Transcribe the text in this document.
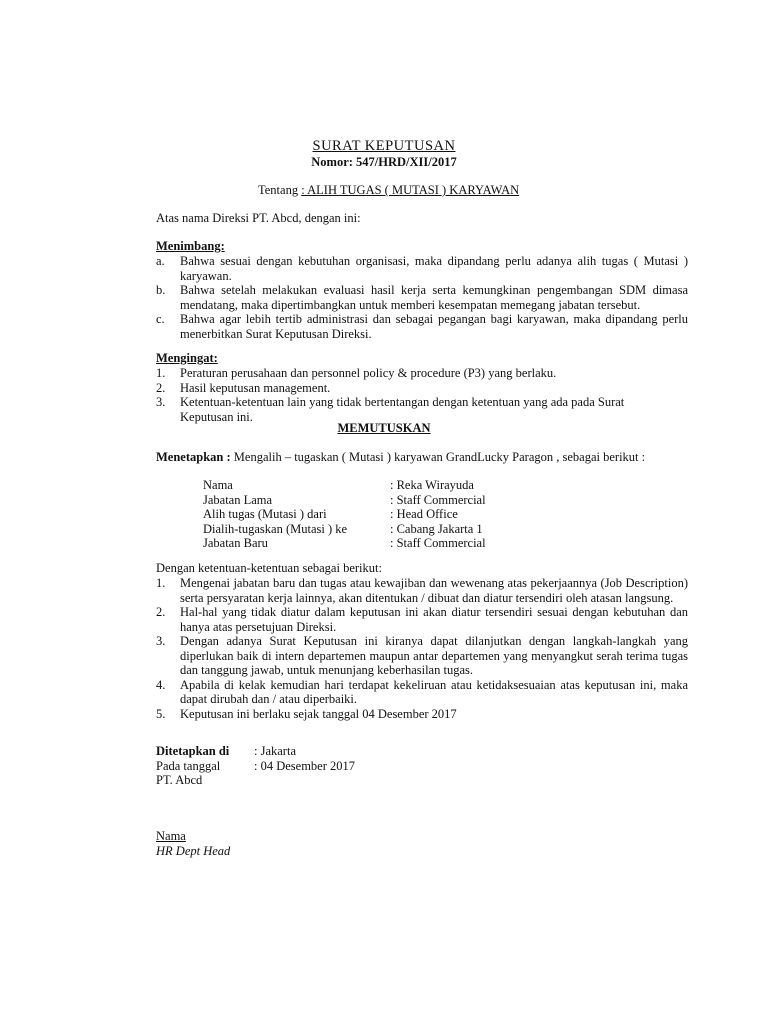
SURAT KEPUTUSAN
Nomor: 547/HRD/XII/2017
Tentang : ALIH TUGAS ( MUTASI ) KARYAWAN
Atas nama Direksi PT. Abcd, dengan ini:
Menimbang:
a.	Bahwa sesuai dengan kebutuhan organisasi, maka dipandang perlu adanya alih tugas ( Mutasi ) karyawan.
b.	Bahwa setelah melakukan evaluasi hasil kerja serta kemungkinan pengembangan SDM dimasa mendatang, maka dipertimbangkan untuk memberi kesempatan memegang jabatan tersebut.
c.	Bahwa agar lebih tertib administrasi dan sebagai pegangan bagi karyawan, maka dipandang perlu menerbitkan Surat Keputusan Direksi.
Mengingat:
1.	Peraturan perusahaan dan personnel policy & procedure (P3) yang berlaku.
2.	Hasil keputusan management.
3.	Ketentuan-ketentuan lain yang tidak bertentangan dengan ketentuan yang ada pada Surat Keputusan ini.
MEMUTUSKAN
Menetapkan : Mengalih – tugaskan ( Mutasi ) karyawan GrandLucky Paragon , sebagai berikut :
Nama	: Reka Wirayuda
Jabatan Lama	: Staff Commercial
Alih tugas (Mutasi ) dari	: Head Office
Dialih-tugaskan (Mutasi ) ke	: Cabang Jakarta 1
Jabatan Baru	: Staff Commercial
Dengan ketentuan-ketentuan sebagai berikut:
1.	Mengenai jabatan baru dan tugas atau kewajiban dan wewenang atas pekerjaannya (Job Description) serta persyaratan kerja lainnya, akan ditentukan / dibuat dan diatur tersendiri oleh atasan langsung.
2.	Hal-hal yang tidak diatur dalam keputusan ini akan diatur tersendiri sesuai dengan kebutuhan dan hanya atas persetujuan Direksi.
3.	Dengan adanya Surat Keputusan ini kiranya dapat dilanjutkan dengan langkah-langkah yang diperlukan baik di intern departemen maupun antar departemen yang menyangkut serah terima tugas dan tanggung jawab, untuk menunjang keberhasilan tugas.
4.	Apabila di kelak kemudian hari terdapat kekeliruan atau ketidaksesuaian atas keputusan ini, maka dapat dirubah dan / atau diperbaiki.
5.	Keputusan ini berlaku sejak tanggal 04 Desember 2017
Ditetapkan di	: Jakarta
Pada tanggal	: 04 Desember 2017
PT. Abcd
Nama
HR Dept Head
